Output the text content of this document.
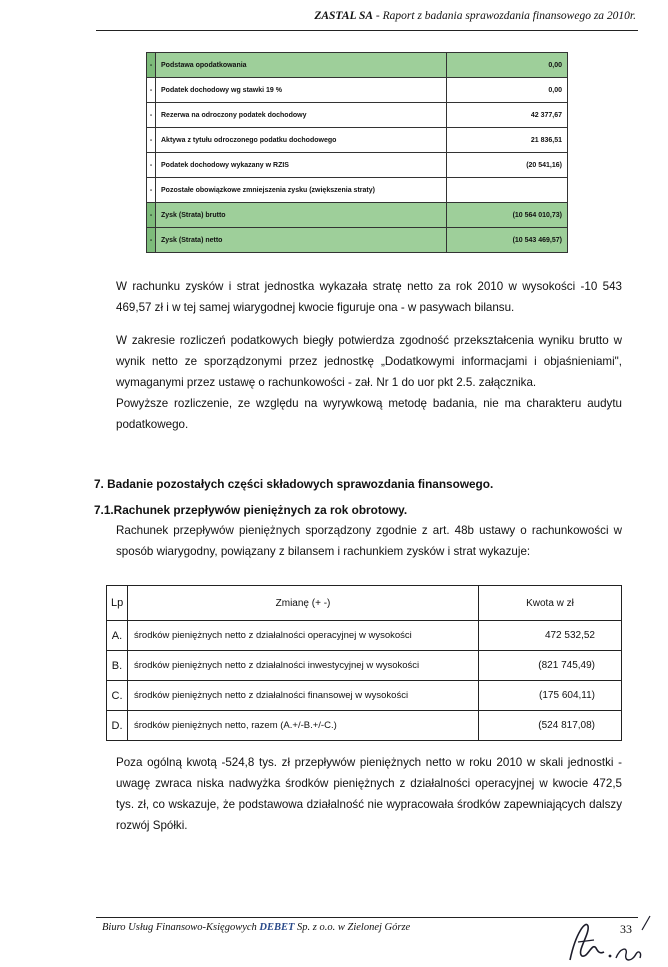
ZASTAL SA - Raport z badania sprawozdania finansowego za 2010r.
-	Podstawa opodatkowania	0,00
-	Podatek dochodowy wg stawki 19 %	0,00
-	Rezerwa na odroczony podatek dochodowy	42 377,67
-	Aktywa z tytułu odroczonego podatku dochodowego	21 836,51
-	Podatek dochodowy wykazany w RZIS	(20 541,16)
-	Pozostałe obowiązkowe zmniejszenia zysku (zwiększenia straty)	
-	Zysk (Strata) brutto	(10 564 010,73)
-	Zysk (Strata) netto	(10 543 469,57)
W rachunku zysków i strat jednostka wykazała stratę netto za rok 2010 w wysokości -10 543 469,57 zł i w tej samej wiarygodnej kwocie figuruje ona - w pasywach bilansu.
W zakresie rozliczeń podatkowych biegły potwierdza zgodność przekształcenia wyniku brutto w wynik netto ze sporządzonymi przez jednostkę „Dodatkowymi informacjami i objaśnieniami", wymaganymi przez ustawę o rachunkowości - zał. Nr 1 do uor pkt 2.5. załącznika.
Powyższe rozliczenie, ze względu na wyrywkową metodę badania, nie ma charakteru audytu podatkowego.
7. Badanie pozostałych części składowych sprawozdania finansowego.
7.1.Rachunek przepływów pieniężnych za rok obrotowy.
Rachunek przepływów pieniężnych sporządzony zgodnie z art. 48b ustawy o rachunkowości w sposób wiarygodny, powiązany z bilansem i rachunkiem zysków i strat wykazuje:
Lp	Zmianę (+ -)	Kwota w zł
A.	środków pieniężnych netto z działalności operacyjnej w wysokości	472 532,52
B.	środków pieniężnych netto z działalności inwestycyjnej w wysokości	(821 745,49)
C.	środków pieniężnych netto z działalności finansowej w wysokości	(175 604,11)
D.	środków pieniężnych netto, razem (A.+/-B.+/-C.)	(524 817,08)
Poza ogólną kwotą -524,8 tys. zł przepływów pieniężnych netto w roku 2010 w skali jednostki - uwagę zwraca niska nadwyżka środków pieniężnych z działalności operacyjnej w kwocie 472,5 tys. zł, co wskazuje, że podstawowa działalność nie wypracowała środków zapewniających dalszy rozwój Spółki.
Biuro Usług Finansowo-Księgowych DEBET Sp. z o.o. w Zielonej Górze	33
